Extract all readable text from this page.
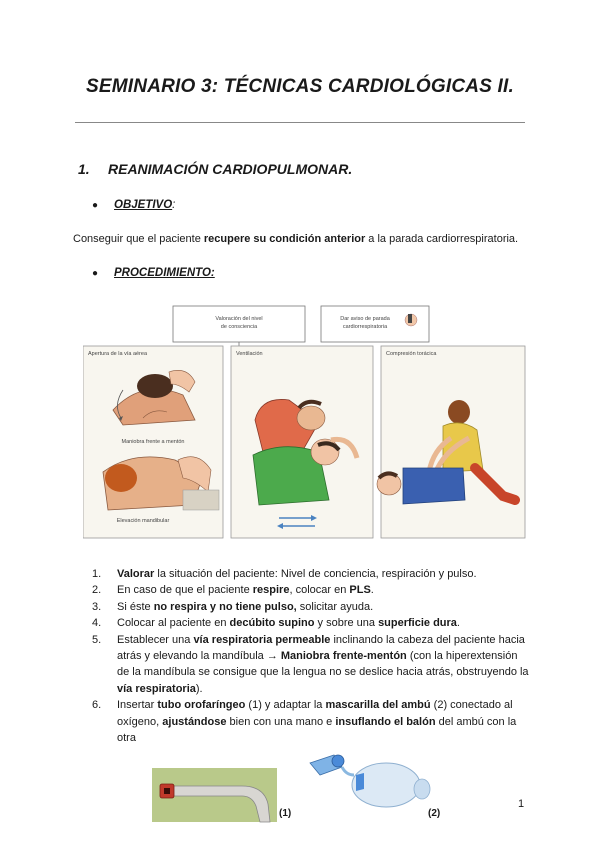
SEMINARIO 3: TÉCNICAS CARDIOLÓGICAS II.
1. REANIMACIÓN CARDIOPULMONAR.
● OBJETIVO:
Conseguir que el paciente recupere su condición anterior a la parada cardiorrespiratoria.
● PROCEDIMIENTO:
Valoración del nivel
de consciencia
Dar aviso de parada
cardiorrespiratoria
Apertura de la vía aérea	Ventilación	Compresión torácica
Maniobra frente a mentón
Elevación mandibular
1.	Valorar la situación del paciente: Nivel de conciencia, respiración y pulso.
2.	En caso de que el paciente respire, colocar en PLS.
3.	Si éste no respira y no tiene pulso, solicitar ayuda.
4.	Colocar al paciente en decúbito supino y sobre una superficie dura.
5.	Establecer una vía respiratoria permeable inclinando la cabeza del paciente hacia atrás y elevando la mandíbula → Maniobra frente-mentón (con la hiperextensión de la mandíbula se consigue que la lengua no se deslice hacia atrás, obstruyendo la vía respiratoria).
6.	Insertar tubo orofaríngeo (1) y adaptar la mascarilla del ambú (2) conectado al oxígeno, ajustándose bien con una mano e insuflando el balón del ambú con la otra
(1)	(2)
1
